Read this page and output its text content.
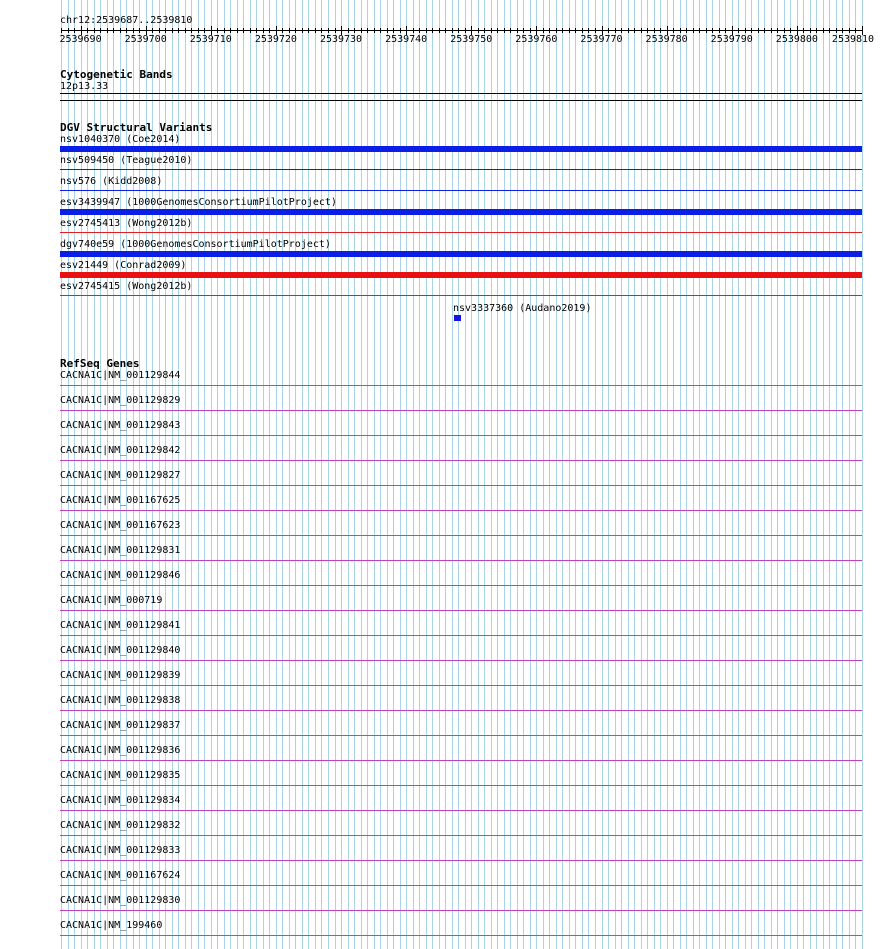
chr12:2539687..2539810
2539690 2539700 2539710 2539720 2539730 2539740 2539750 2539760 2539770 2539780 2539790 2539800 2539810
Cytogenetic Bands
12p13.33
DGV Structural Variants
nsv1040370 (Coe2014)
nsv509450 (Teague2010)
nsv576 (Kidd2008)
esv3439947 (1000GenomesConsortiumPilotProject)
esv2745413 (Wong2012b)
dgv740e59 (1000GenomesConsortiumPilotProject)
esv21449 (Conrad2009)
esv2745415 (Wong2012b)
nsv3337360 (Audano2019)
RefSeq Genes
CACNA1C|NM_001129844
CACNA1C|NM_001129829
CACNA1C|NM_001129843
CACNA1C|NM_001129842
CACNA1C|NM_001129827
CACNA1C|NM_001167625
CACNA1C|NM_001167623
CACNA1C|NM_001129831
CACNA1C|NM_001129846
CACNA1C|NM_000719
CACNA1C|NM_001129841
CACNA1C|NM_001129840
CACNA1C|NM_001129839
CACNA1C|NM_001129838
CACNA1C|NM_001129837
CACNA1C|NM_001129836
CACNA1C|NM_001129835
CACNA1C|NM_001129834
CACNA1C|NM_001129832
CACNA1C|NM_001129833
CACNA1C|NM_001167624
CACNA1C|NM_001129830
CACNA1C|NM_199460
